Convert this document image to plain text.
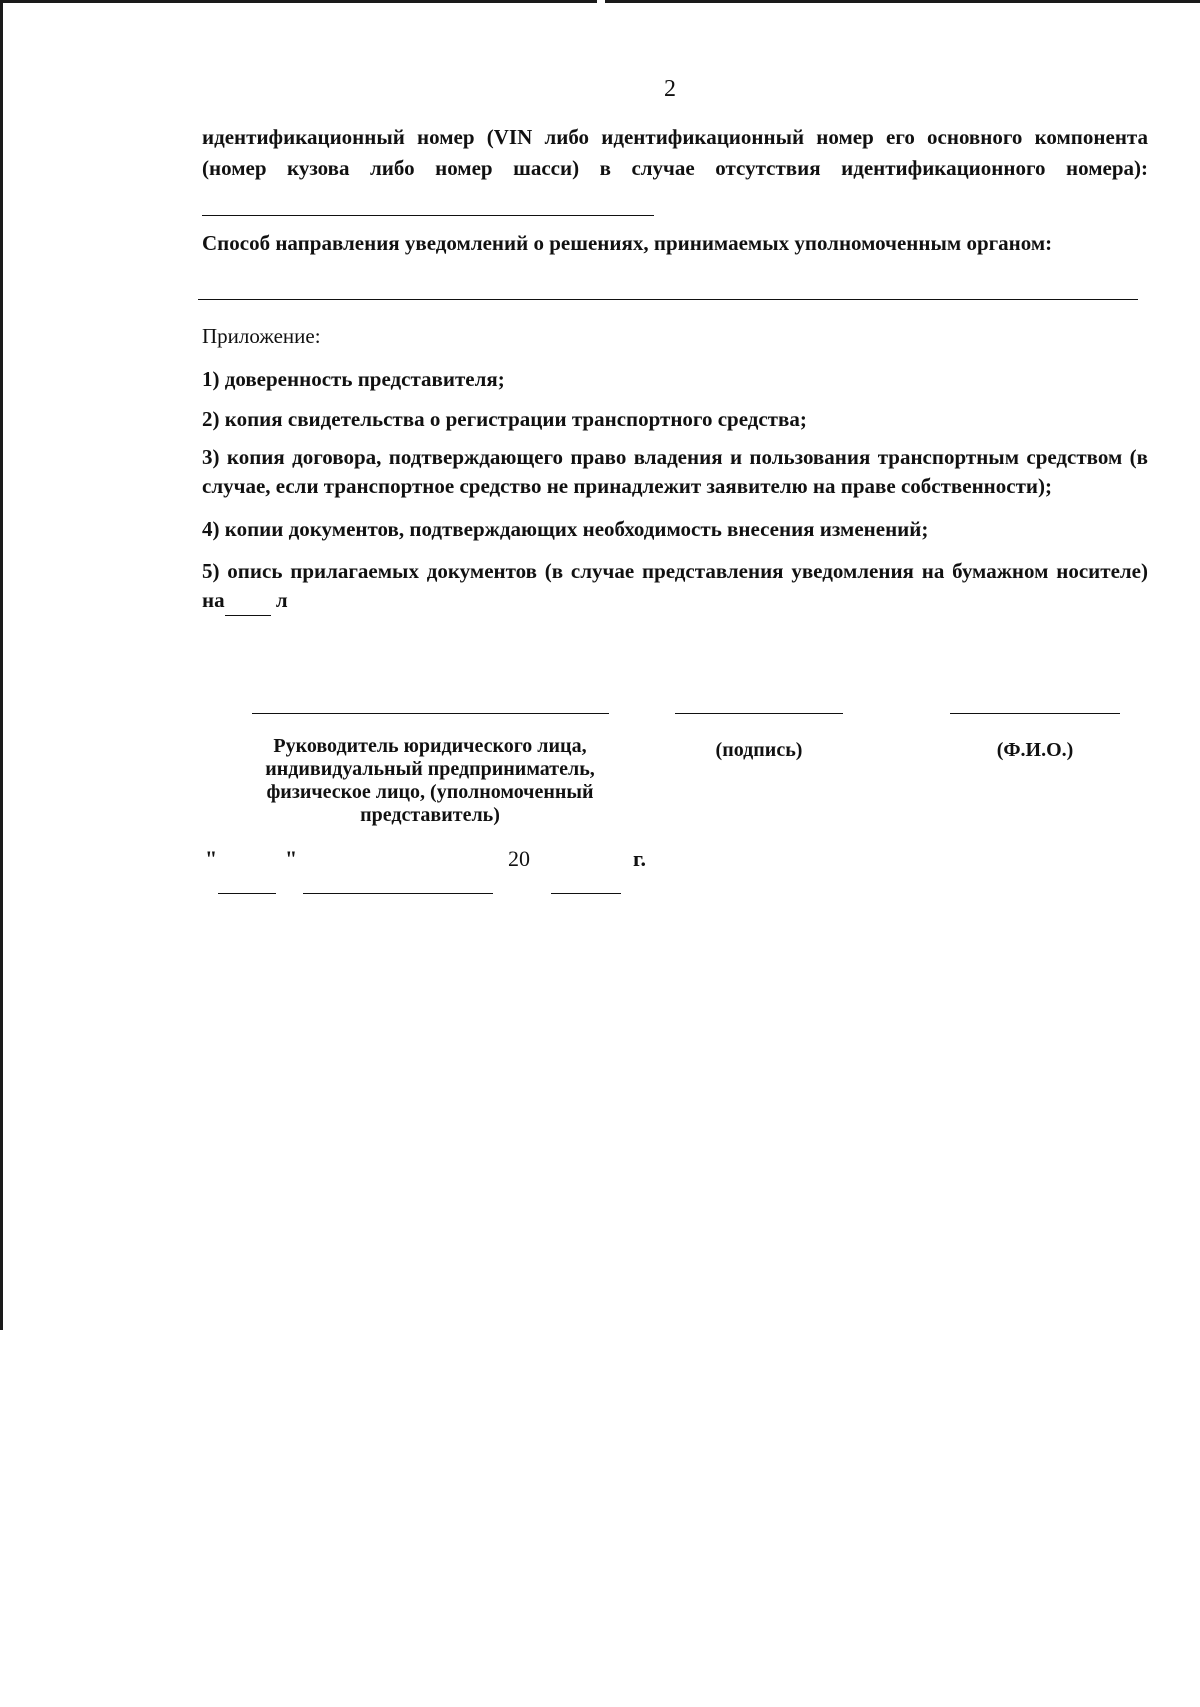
2
идентификационный номер (VIN либо идентификационный номер его основного компонента (номер кузова либо номер шасси) в случае отсутствия идентификационного номера):
Способ направления уведомлений о решениях, принимаемых уполномоченным органом:
Приложение:
1) доверенность представителя;
2) копия свидетельства о регистрации транспортного средства;
3) копия договора, подтверждающего право владения и пользования транспортным средством (в случае, если транспортное средство не принадлежит заявителю на праве собственности);
4) копии документов, подтверждающих необходимость внесения изменений;
5) опись прилагаемых документов (в случае представления уведомления на бумажном носителе) на л
Руководитель юридического лица,
индивидуальный предприниматель,
физическое лицо, (уполномоченный
представитель)
(подпись)	(Ф.И.О.)
"	"	20	г.
